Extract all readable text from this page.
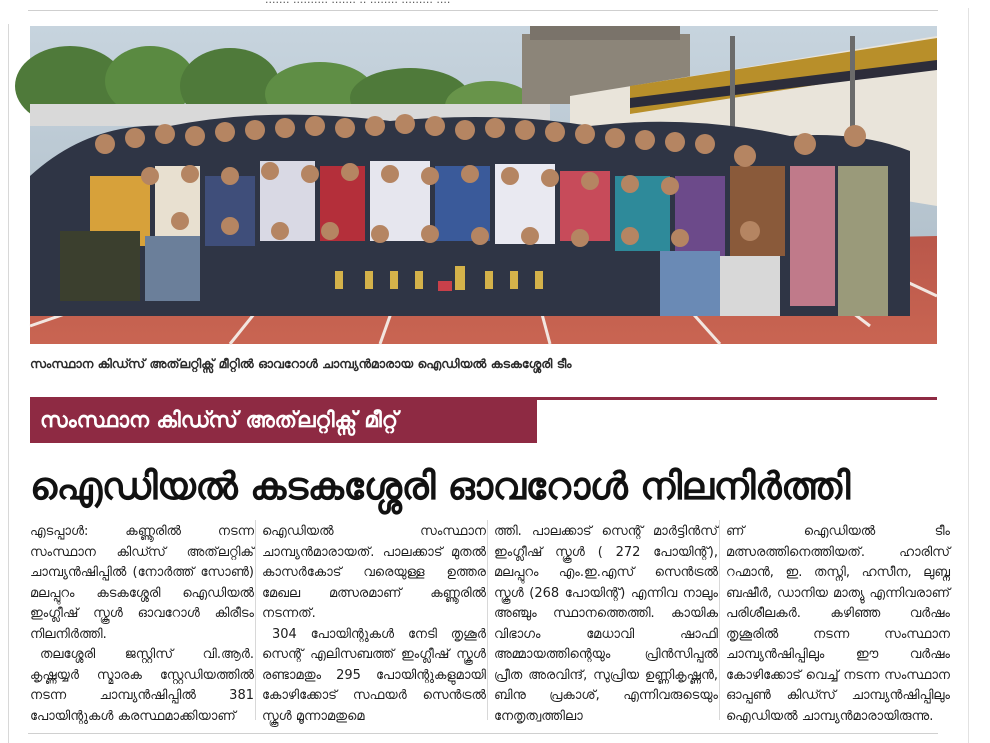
സംസ്ഥാന കിഡ്സ് അത്‌ലറ്റിക്സ് മീറ്റിൽ ഓവറോൾ ചാമ്പ്യൻമാരായ ഐഡിയൽ കടകശ്ശേരി ടീം
സംസ്ഥാന കിഡ്സ് അത്‌ലറ്റിക്സ് മീറ്റ്
ഐഡിയൽ കടകശ്ശേരി ഓവറോൾ നിലനിർത്തി

എടപ്പാൾ: കണ്ണൂരിൽ നടന്ന സംസ്ഥാന കിഡ്സ് അത്‌ലറ്റിക് ചാമ്പ്യൻഷിപ്പിൽ (നോർത്ത് സോൺ) മലപ്പുറം കടകശ്ശേരി ഐഡിയൽ ഇംഗ്ലീഷ് സ്കൂൾ ഓവറോൾ കിരീടം നിലനിർത്തി.

തലശ്ശേരി ജസ്റ്റിസ് വി.ആർ. കൃഷ്ണയ്യർ സ്മാരക സ്റ്റേഡിയത്തിൽ നടന്ന ചാമ്പ്യൻഷിപ്പിൽ 381 പോയിന്റുകൾ കരസ്ഥമാക്കിയാണ്

ഐഡിയൽ സംസ്ഥാന ചാമ്പ്യൻമാരായത്. പാലക്കാട് മുതൽ കാസർകോട് വരെയുള്ള ഉത്തര മേഖല മത്സരമാണ് കണ്ണൂരിൽ നടന്നത്.

304 പോയിന്റുകൾ നേടി തൃശൂർ സെന്റ് എലിസബത്ത് ഇംഗ്ലീഷ് സ്കൂൾ രണ്ടാമതും 295 പോയിന്റുകളുമായി കോഴിക്കോട് സഫയർ സെൻട്രൽ സ്കൂൾ മൂന്നാമതുമെ

ത്തി. പാലക്കാട് സെന്റ് മാർട്ടിൻസ് ഇംഗ്ലീഷ് സ്കൂൾ ( 272 പോയിന്റ്), മലപ്പുറം എം.ഇ.എസ് സെൻട്രൽ സ്കൂൾ (268 പോയിന്റ്) എന്നിവ നാലും അഞ്ചും സ്ഥാനത്തെത്തി. കായിക വിഭാഗം മേധാവി ഷാഫി അമ്മായത്തിന്റെയും പ്രിൻസിപ്പൽ പ്രീത അരവിന്ദ്, സുപ്രിയ ഉണ്ണികൃഷ്ണൻ, ബിനു പ്രകാശ്, എന്നിവരുടെയും നേതൃത്വത്തിലാ

ണ് ഐഡിയൽ ടീം മത്സരത്തിനെത്തിയത്. ഹാരിസ് റഹ്മാൻ, ഇ. തസ്നി, ഹസീന, ലുബ്ന ബഷീർ, ഡാനിയ മാത്യു എന്നിവരാണ് പരിശീലകർ. കഴിഞ്ഞ വർഷം തൃശൂരിൽ നടന്ന സംസ്ഥാന ചാമ്പ്യൻഷിപ്പിലും ഈ വർഷം കോഴിക്കോട് വെച്ച് നടന്ന സംസ്ഥാന ഓപ്പൺ കിഡ്സ് ചാമ്പ്യൻഷിപ്പിലും ഐഡിയൽ ചാമ്പ്യൻമാരായിരുന്നു.
